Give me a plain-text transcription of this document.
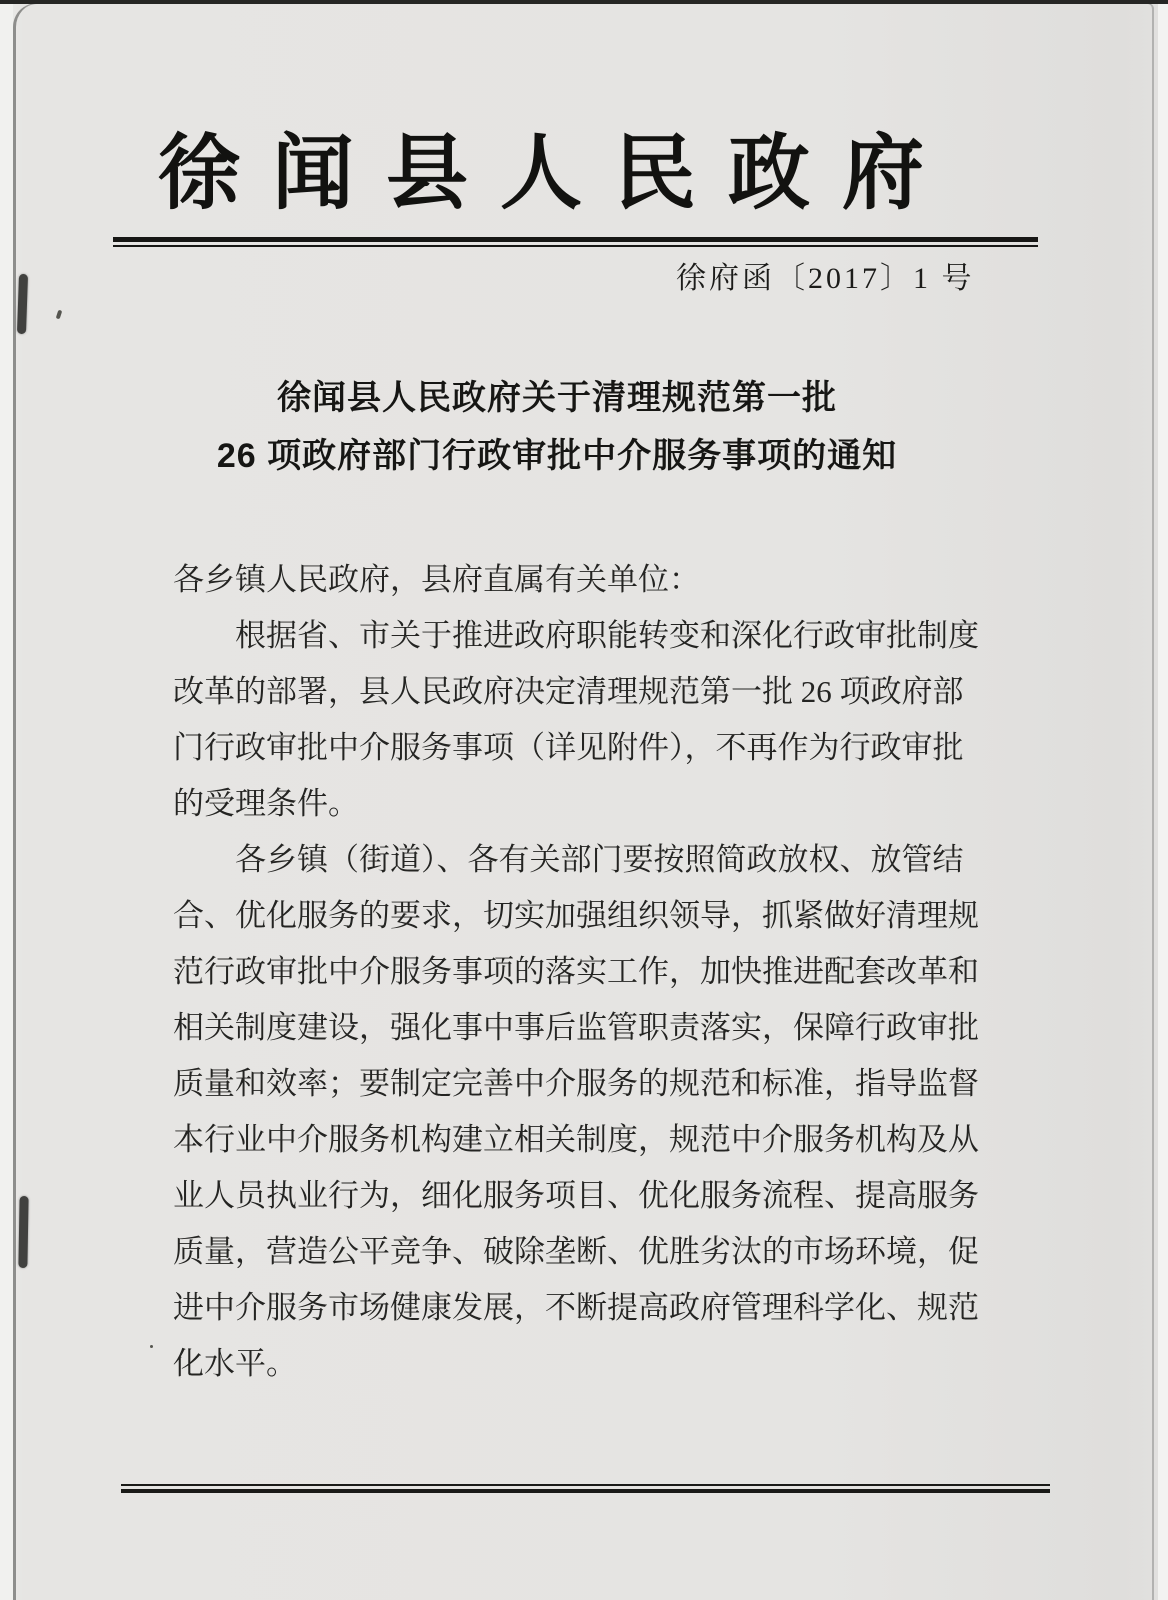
徐闻县人民政府
徐府函〔2017〕1 号
徐闻县人民政府关于清理规范第一批
26 项政府部门行政审批中介服务事项的通知
各乡镇人民政府，县府直属有关单位：
根据省、市关于推进政府职能转变和深化行政审批制度
改革的部署，县人民政府决定清理规范第一批 26 项政府部
门行政审批中介服务事项（详见附件），不再作为行政审批
的受理条件。
各乡镇（街道）、各有关部门要按照简政放权、放管结
合、优化服务的要求，切实加强组织领导，抓紧做好清理规
范行政审批中介服务事项的落实工作，加快推进配套改革和
相关制度建设，强化事中事后监管职责落实，保障行政审批
质量和效率；要制定完善中介服务的规范和标准，指导监督
本行业中介服务机构建立相关制度，规范中介服务机构及从
业人员执业行为，细化服务项目、优化服务流程、提高服务
质量，营造公平竞争、破除垄断、优胜劣汰的市场环境，促
进中介服务市场健康发展，不断提高政府管理科学化、规范
化水平。
